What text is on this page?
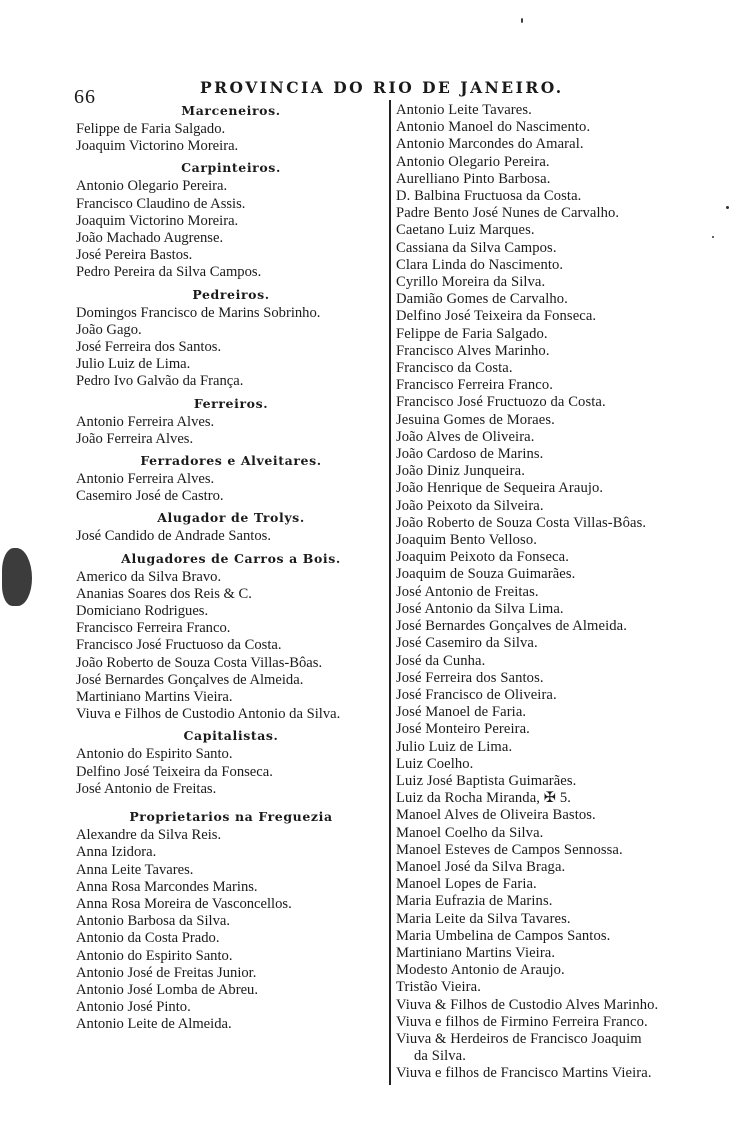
66	PROVINCIA DO RIO DE JANEIRO.
Marceneiros.
Felippe de Faria Salgado.
Joaquim Victorino Moreira.
Carpinteiros.
Antonio Olegario Pereira.
Francisco Claudino de Assis.
Joaquim Victorino Moreira.
João Machado Augrense.
José Pereira Bastos.
Pedro Pereira da Silva Campos.
Pedreiros.
Domingos Francisco de Marins Sobrinho.
João Gago.
José Ferreira dos Santos.
Julio Luiz de Lima.
Pedro Ivo Galvão da França.
Ferreiros.
Antonio Ferreira Alves.
João Ferreira Alves.
Ferradores e Alveitares.
Antonio Ferreira Alves.
Casemiro José de Castro.
Alugador de Trolys.
José Candido de Andrade Santos.
Alugadores de Carros a Bois.
Americo da Silva Bravo.
Ananias Soares dos Reis & C.
Domiciano Rodrigues.
Francisco Ferreira Franco.
Francisco José Fructuoso da Costa.
João Roberto de Souza Costa Villas-Bôas.
José Bernardes Gonçalves de Almeida.
Martiniano Martins Vieira.
Viuva e Filhos de Custodio Antonio da Silva.
Capitalistas.
Antonio do Espirito Santo.
Delfino José Teixeira da Fonseca.
José Antonio de Freitas.
Proprietarios na Freguezia
Alexandre da Silva Reis.
Anna Izidora.
Anna Leite Tavares.
Anna Rosa Marcondes Marins.
Anna Rosa Moreira de Vasconcellos.
Antonio Barbosa da Silva.
Antonio da Costa Prado.
Antonio do Espirito Santo.
Antonio José de Freitas Junior.
Antonio José Lomba de Abreu.
Antonio José Pinto.
Antonio Leite de Almeida.
Antonio Leite Tavares.
Antonio Manoel do Nascimento.
Antonio Marcondes do Amaral.
Antonio Olegario Pereira.
Aurelliano Pinto Barbosa.
D. Balbina Fructuosa da Costa.
Padre Bento José Nunes de Carvalho.
Caetano Luiz Marques.
Cassiana da Silva Campos.
Clara Linda do Nascimento.
Cyrillo Moreira da Silva.
Damião Gomes de Carvalho.
Delfino José Teixeira da Fonseca.
Felippe de Faria Salgado.
Francisco Alves Marinho.
Francisco da Costa.
Francisco Ferreira Franco.
Francisco José Fructuozo da Costa.
Jesuina Gomes de Moraes.
João Alves de Oliveira.
João Cardoso de Marins.
João Diniz Junqueira.
João Henrique de Sequeira Araujo.
João Peixoto da Silveira.
João Roberto de Souza Costa Villas-Bôas.
Joaquim Bento Velloso.
Joaquim Peixoto da Fonseca.
Joaquim de Souza Guimarães.
José Antonio de Freitas.
José Antonio da Silva Lima.
José Bernardes Gonçalves de Almeida.
José Casemiro da Silva.
José da Cunha.
José Ferreira dos Santos.
José Francisco de Oliveira.
José Manoel de Faria.
José Monteiro Pereira.
Julio Luiz de Lima.
Luiz Coelho.
Luiz José Baptista Guimarães.
Luiz da Rocha Miranda, ✠ 5.
Manoel Alves de Oliveira Bastos.
Manoel Coelho da Silva.
Manoel Esteves de Campos Sennossa.
Manoel José da Silva Braga.
Manoel Lopes de Faria.
Maria Eufrazia de Marins.
Maria Leite da Silva Tavares.
Maria Umbelina de Campos Santos.
Martiniano Martins Vieira.
Modesto Antonio de Araujo.
Tristão Vieira.
Viuva & Filhos de Custodio Alves Marinho.
Viuva e filhos de Firmino Ferreira Franco.
Viuva & Herdeiros de Francisco Joaquim
da Silva.
Viuva e filhos de Francisco Martins Vieira.
